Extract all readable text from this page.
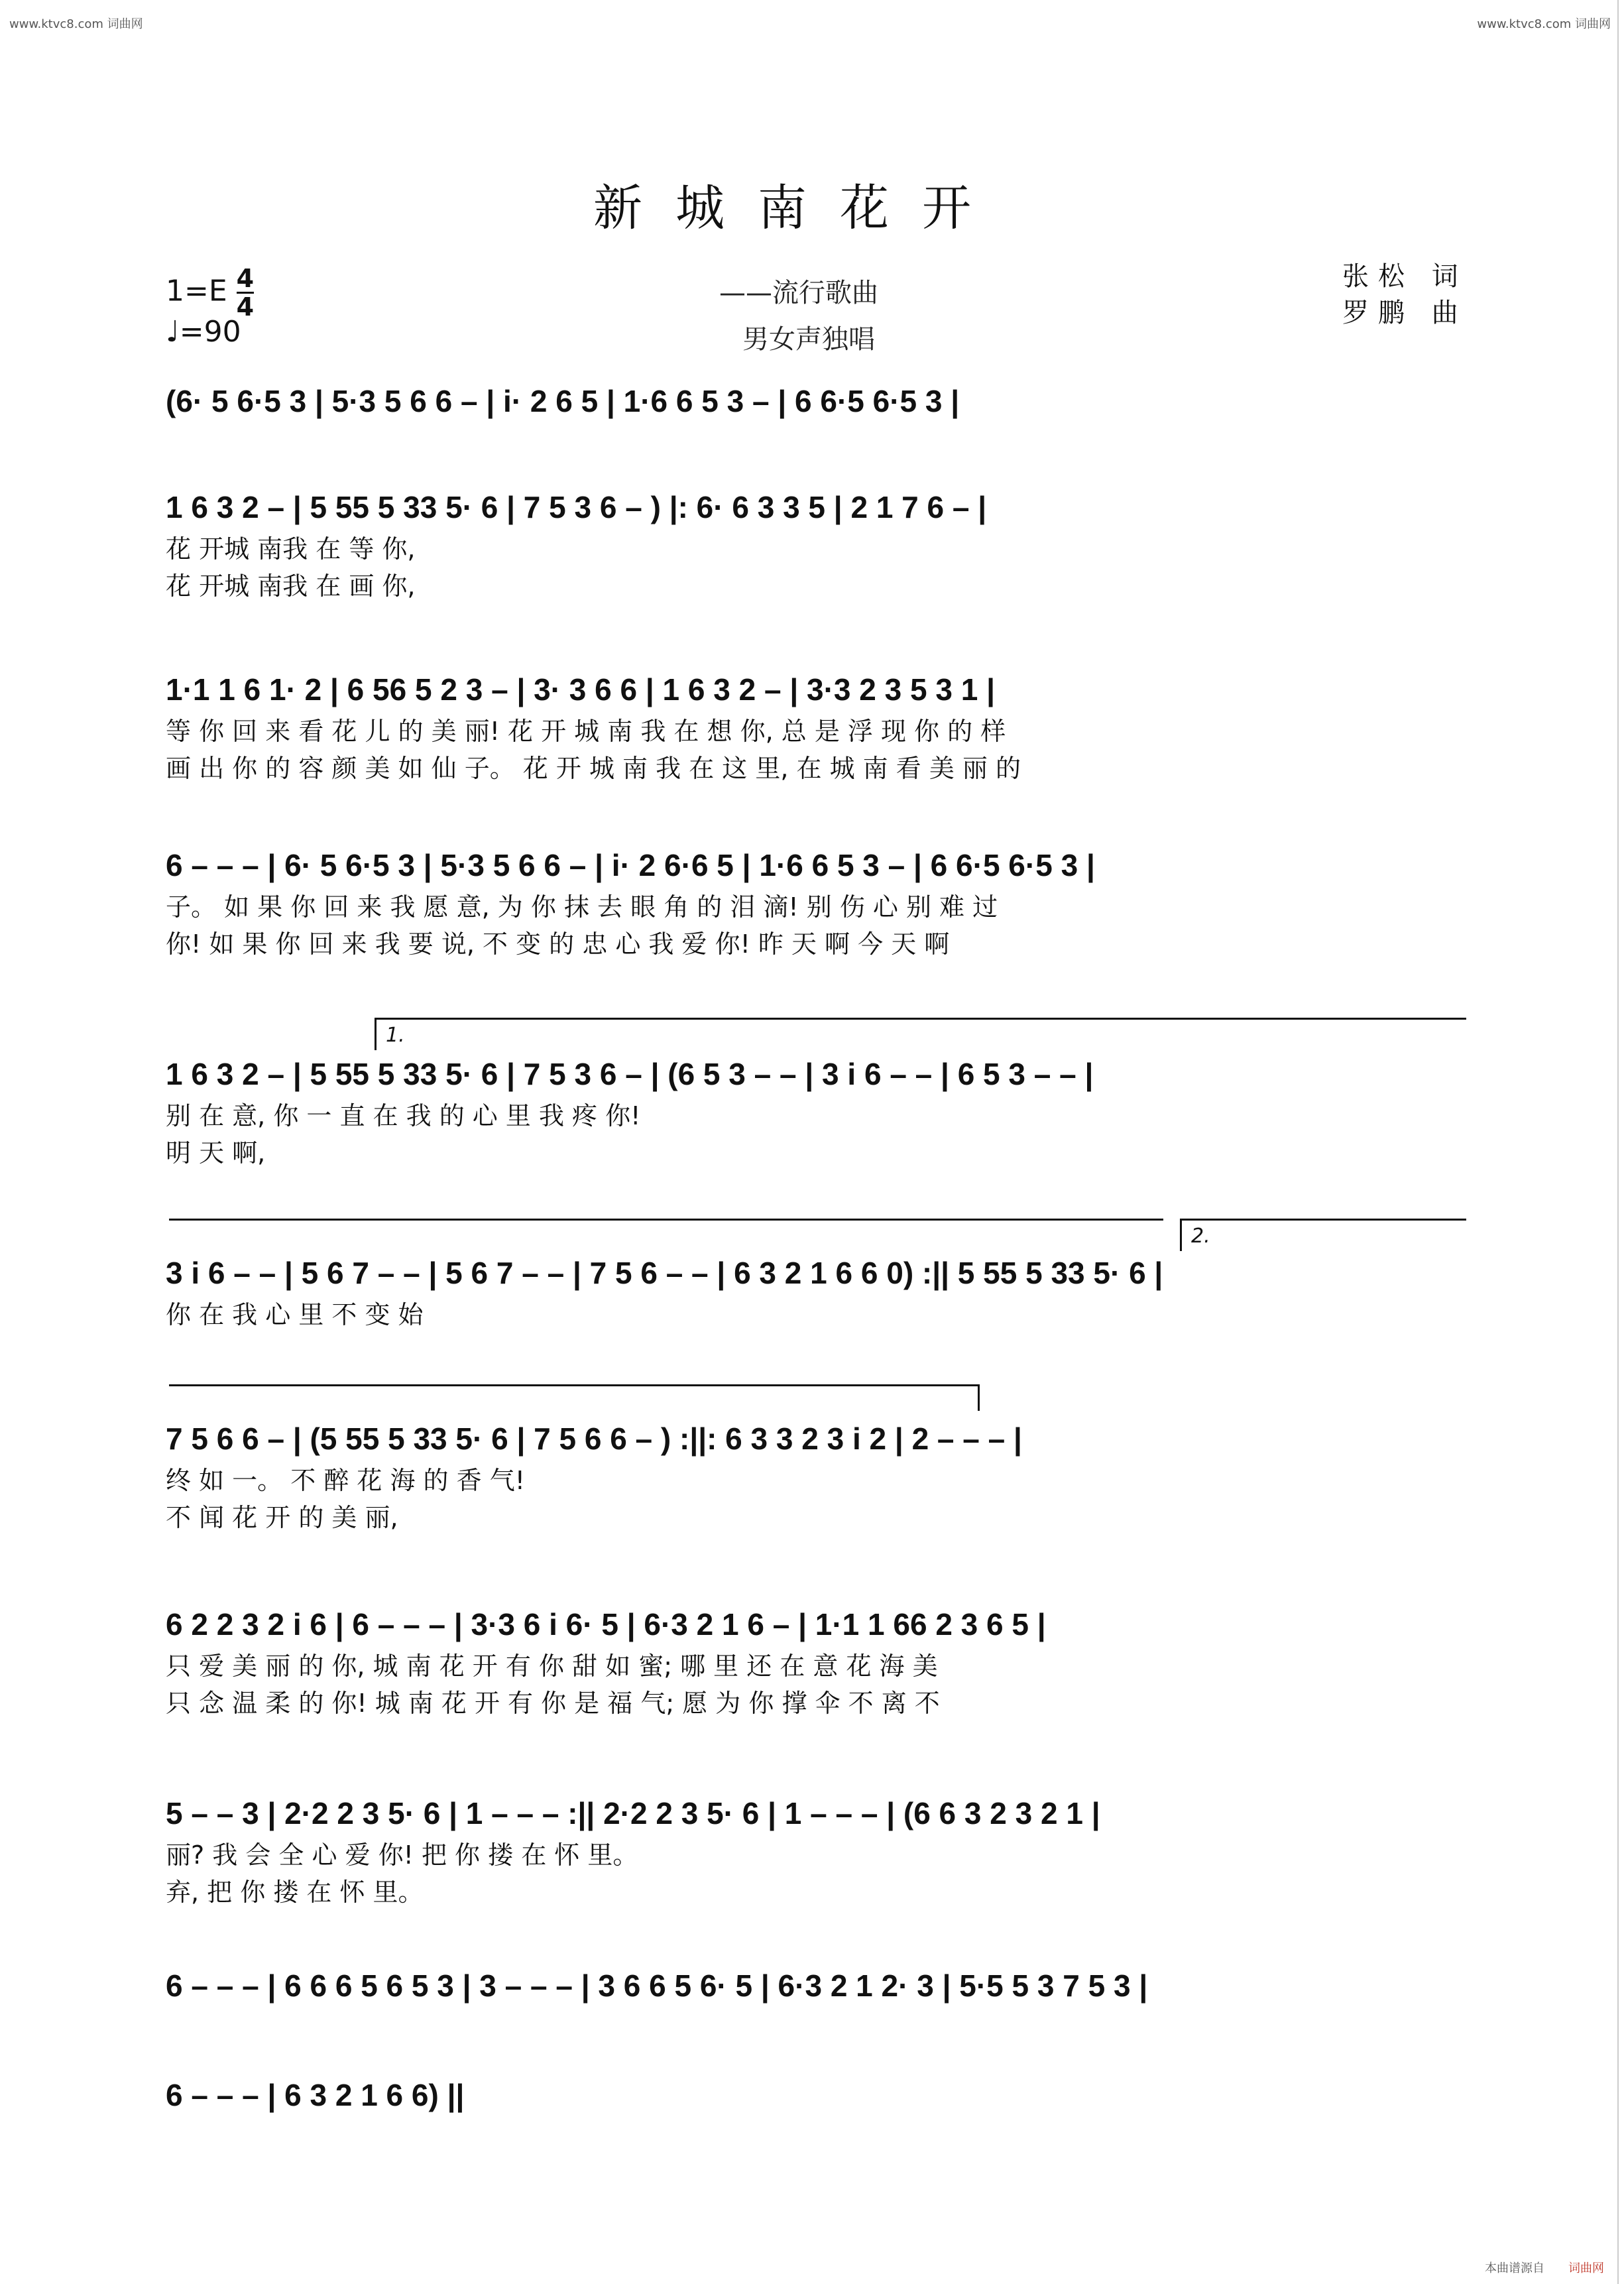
www.ktvc8.com 词曲网	www.ktvc8.com 词曲网
本曲谱源自 词曲网
新城南花开
$1=E \frac{4}{4}$
♩=90
——流行歌曲
男女声独唱
张松 词
罗鹏 曲
(6· 5 6·5 3 | 5·3 5 6 6 – | i· 2 6 5 | 1·6 6 5 3 – | 6 6·5 6·5 3 |
1 6 3 2 – | 5 55 5 33 5· 6 | 7 5 3 6 – ) |: 6· 6 3 3 5 | 2 1 7 6 – |
花 开城 南我 在 等 你,
花 开城 南我 在 画 你,
1·1 1 6 1· 2 | 6 56 5 2 3 – | 3· 3 6 6 | 1 6 3 2 – | 3·3 2 3 5 3 1 |
等 你 回 来 看 花 儿 的 美 丽! 花 开 城 南 我 在 想 你, 总 是 浮 现 你 的 样
画 出 你 的 容 颜 美 如 仙 子。 花 开 城 南 我 在 这 里, 在 城 南 看 美 丽 的
6 – – – | 6· 5 6·5 3 | 5·3 5 6 6 – | i· 2 6·6 5 | 1·6 6 5 3 – | 6 6·5 6·5 3 |
子。 如 果 你 回 来 我 愿 意, 为 你 抹 去 眼 角 的 泪 滴! 别 伤 心 别 难 过
你! 如 果 你 回 来 我 要 说, 不 变 的 忠 心 我 爱 你! 昨 天 啊 今 天 啊
1.
1 6 3 2 – | 5 55 5 33 5· 6 | 7 5 3 6 – | (6 5 3 – – | 3 i 6 – – | 6 5 3 – – |
别 在 意, 你 一 直 在 我 的 心 里 我 疼 你!
明 天 啊,
2.
3 i 6 – – | 5 6 7 – – | 5 6 7 – – | 7 5 6 – – | 6 3 2 1 6 6 0) :|| 5 55 5 33 5· 6 |
你 在 我 心 里 不 变 始
7 5 6 6 – | (5 55 5 33 5· 6 | 7 5 6 6 – ) :||: 6 3 3 2 3 i 2 | 2 – – – |
终 如 一。 不 醉 花 海 的 香 气!
不 闻 花 开 的 美 丽,
6 2 2 3 2 i 6 | 6 – – – | 3·3 6 i 6· 5 | 6·3 2 1 6 – | 1·1 1 66 2 3 6 5 |
只 爱 美 丽 的 你, 城 南 花 开 有 你 甜 如 蜜; 哪 里 还 在 意 花 海 美
只 念 温 柔 的 你! 城 南 花 开 有 你 是 福 气; 愿 为 你 撑 伞 不 离 不
5 – – 3 | 2·2 2 3 5· 6 | 1 – – – :|| 2·2 2 3 5· 6 | 1 – – – | (6 6 3 2 3 2 1 |
丽? 我 会 全 心 爱 你! 把 你 搂 在 怀 里。
弃, 把 你 搂 在 怀 里。
6 – – – | 6 6 6 5 6 5 3 | 3 – – – | 3 6 6 5 6· 5 | 6·3 2 1 2· 3 | 5·5 5 3 7 5 3 |
6 – – – | 6 3 2 1 6 6) ||
